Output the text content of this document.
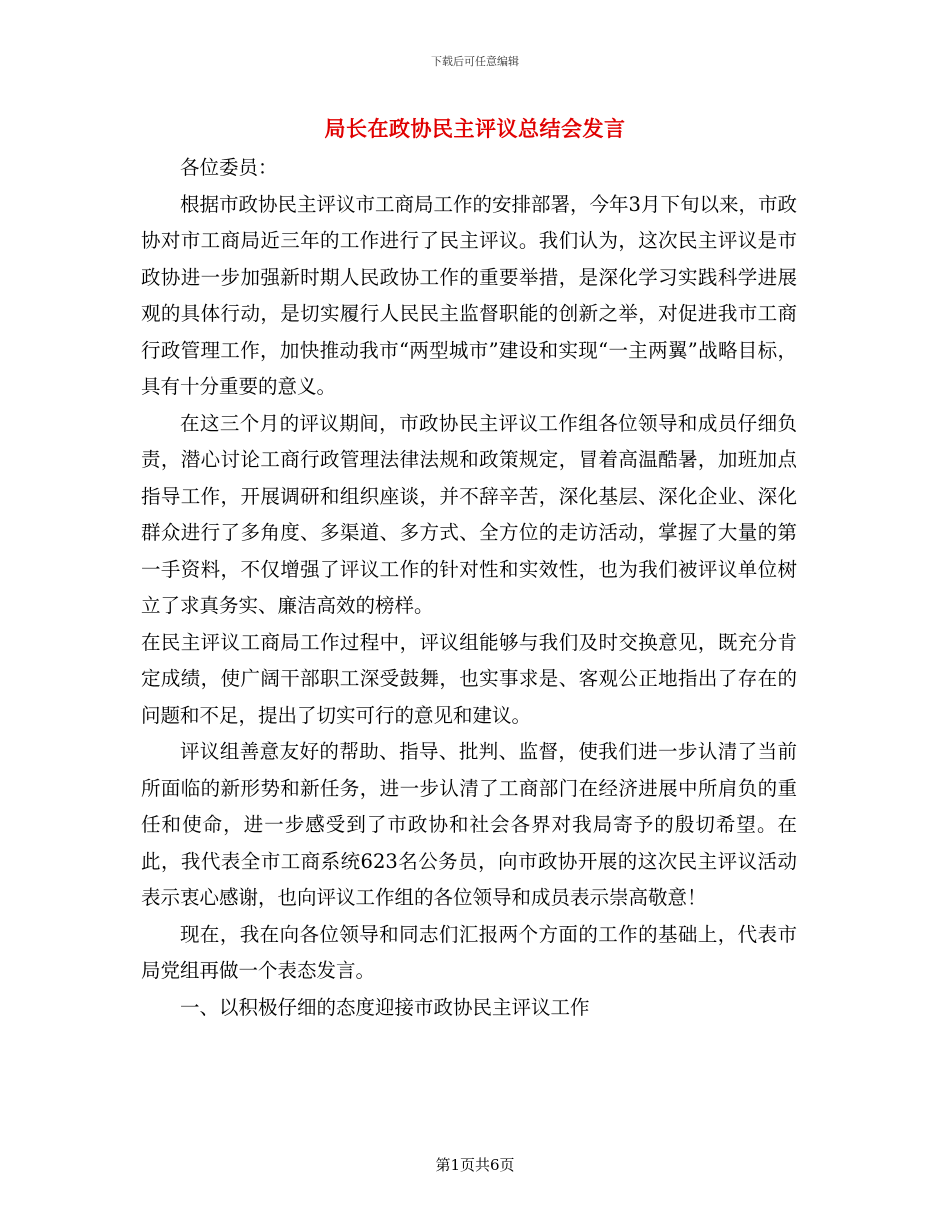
下载后可任意编辑
局长在政协民主评议总结会发言

各位委员：

根据市政协民主评议市工商局工作的安排部署，今年3月下旬以来，市政协对市工商局近三年的工作进行了民主评议。我们认为，这次民主评议是市政协进一步加强新时期人民政协工作的重要举措，是深化学习实践科学进展观的具体行动，是切实履行人民民主监督职能的创新之举，对促进我市工商行政管理工作，加快推动我市“两型城市”建设和实现“一主两翼”战略目标，具有十分重要的意义。

在这三个月的评议期间，市政协民主评议工作组各位领导和成员仔细负责，潜心讨论工商行政管理法律法规和政策规定，冒着高温酷暑，加班加点指导工作，开展调研和组织座谈，并不辞辛苦，深化基层、深化企业、深化群众进行了多角度、多渠道、多方式、全方位的走访活动，掌握了大量的第一手资料，不仅增强了评议工作的针对性和实效性，也为我们被评议单位树立了求真务实、廉洁高效的榜样。

在民主评议工商局工作过程中，评议组能够与我们及时交换意见，既充分肯定成绩，使广阔干部职工深受鼓舞，也实事求是、客观公正地指出了存在的问题和不足，提出了切实可行的意见和建议。

评议组善意友好的帮助、指导、批判、监督，使我们进一步认清了当前所面临的新形势和新任务，进一步认清了工商部门在经济进展中所肩负的重任和使命，进一步感受到了市政协和社会各界对我局寄予的殷切希望。在此，我代表全市工商系统623名公务员，向市政协开展的这次民主评议活动表示衷心感谢，也向评议工作组的各位领导和成员表示崇高敬意！

现在，我在向各位领导和同志们汇报两个方面的工作的基础上，代表市局党组再做一个表态发言。

一、以积极仔细的态度迎接市政协民主评议工作

第1页共6页
